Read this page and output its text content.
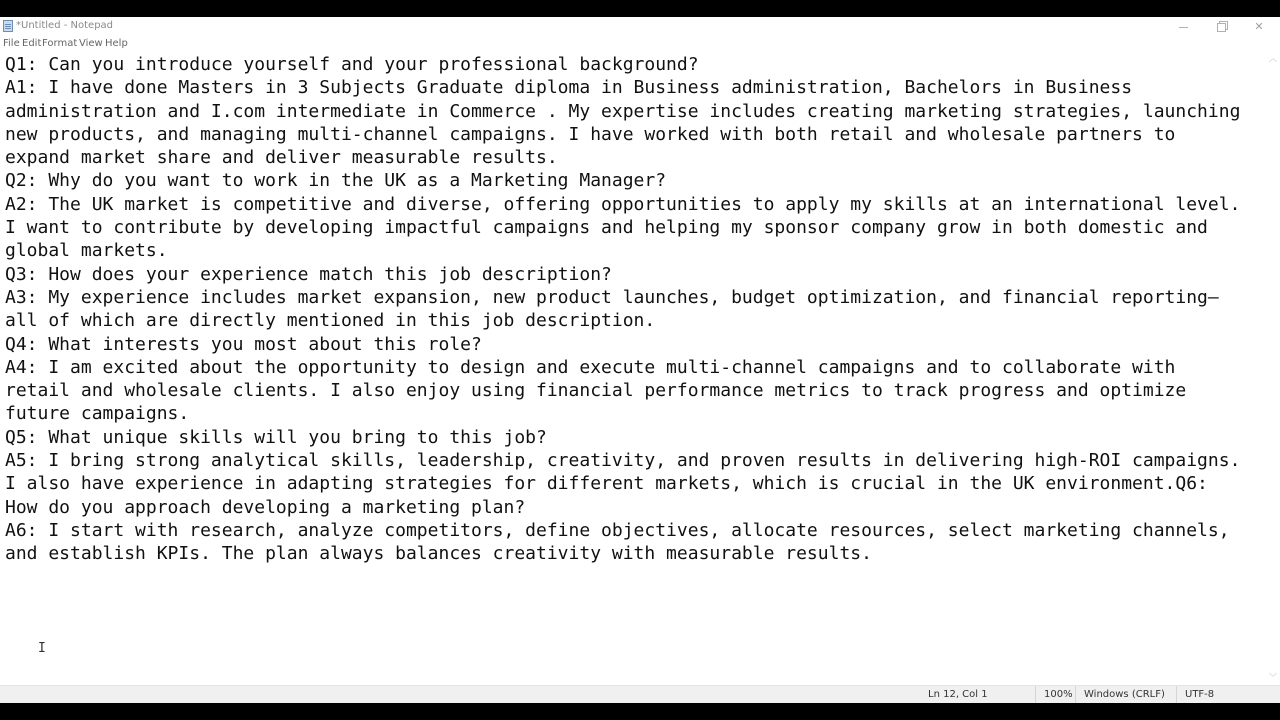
*Untitled - Notepad	✕
File Edit Format View Help
Q1: Can you introduce yourself and your professional background?
A1: I have done Masters in 3 Subjects Graduate diploma in Business administration, Bachelors in Business
administration and I.com intermediate in Commerce . My expertise includes creating marketing strategies, launching
new products, and managing multi-channel campaigns. I have worked with both retail and wholesale partners to
expand market share and deliver measurable results.
Q2: Why do you want to work in the UK as a Marketing Manager?
A2: The UK market is competitive and diverse, offering opportunities to apply my skills at an international level.
I want to contribute by developing impactful campaigns and helping my sponsor company grow in both domestic and
global markets.
Q3: How does your experience match this job description?
A3: My experience includes market expansion, new product launches, budget optimization, and financial reporting—
all of which are directly mentioned in this job description.
Q4: What interests you most about this role?
A4: I am excited about the opportunity to design and execute multi-channel campaigns and to collaborate with
retail and wholesale clients. I also enjoy using financial performance metrics to track progress and optimize
future campaigns.
Q5: What unique skills will you bring to this job?
A5: I bring strong analytical skills, leadership, creativity, and proven results in delivering high-ROI campaigns.
I also have experience in adapting strategies for different markets, which is crucial in the UK environment.Q6:
How do you approach developing a marketing plan?
A6: I start with research, analyze competitors, define objectives, allocate resources, select marketing channels,
and establish KPIs. The plan always balances creativity with measurable results.
I
︿
﹀
Ln 12, Col 1	100%	Windows (CRLF)	UTF-8
